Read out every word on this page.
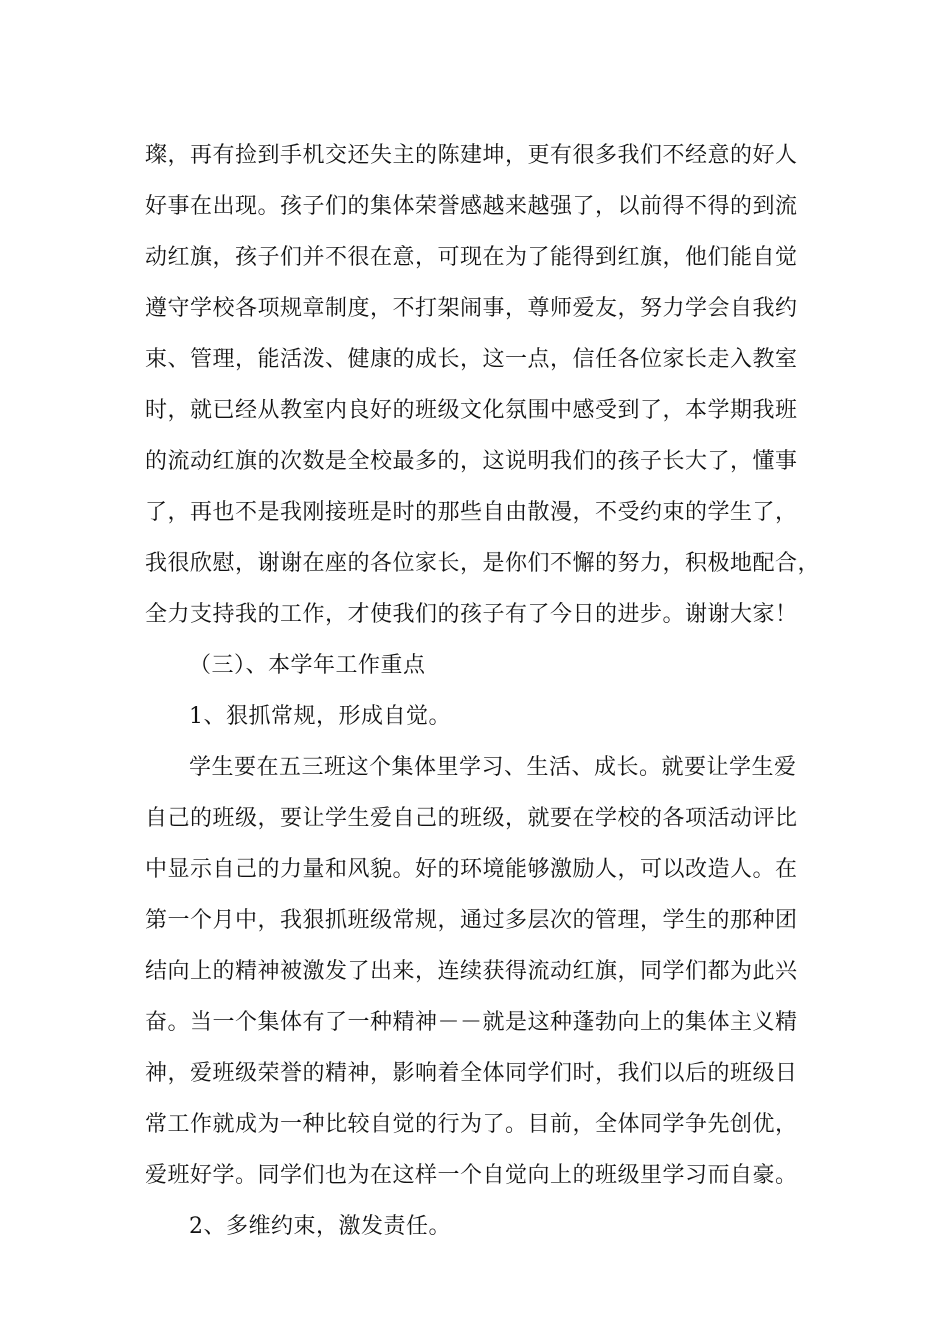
璨，再有捡到手机交还失主的陈建坤，更有很多我们不经意的好人
好事在出现。孩子们的集体荣誉感越来越强了，以前得不得的到流
动红旗，孩子们并不很在意，可现在为了能得到红旗，他们能自觉
遵守学校各项规章制度，不打架闹事，尊师爱友，努力学会自我约
束、管理，能活泼、健康的成长，这一点，信任各位家长走入教室
时，就已经从教室内良好的班级文化氛围中感受到了，本学期我班
的流动红旗的次数是全校最多的，这说明我们的孩子长大了，懂事
了，再也不是我刚接班是时的那些自由散漫，不受约束的学生了，
我很欣慰，谢谢在座的各位家长，是你们不懈的努力，积极地配合，
全力支持我的工作，才使我们的孩子有了今日的进步。谢谢大家！
（三）、本学年工作重点
1、狠抓常规，形成自觉。
学生要在五三班这个集体里学习、生活、成长。就要让学生爱
自己的班级，要让学生爱自己的班级，就要在学校的各项活动评比
中显示自己的力量和风貌。好的环境能够激励人，可以改造人。在
第一个月中，我狠抓班级常规，通过多层次的管理，学生的那种团
结向上的精神被激发了出来，连续获得流动红旗，同学们都为此兴
奋。当一个集体有了一种精神－－就是这种蓬勃向上的集体主义精
神，爱班级荣誉的精神，影响着全体同学们时，我们以后的班级日
常工作就成为一种比较自觉的行为了。目前，全体同学争先创优，
爱班好学。同学们也为在这样一个自觉向上的班级里学习而自豪。
2、多维约束，激发责任。
